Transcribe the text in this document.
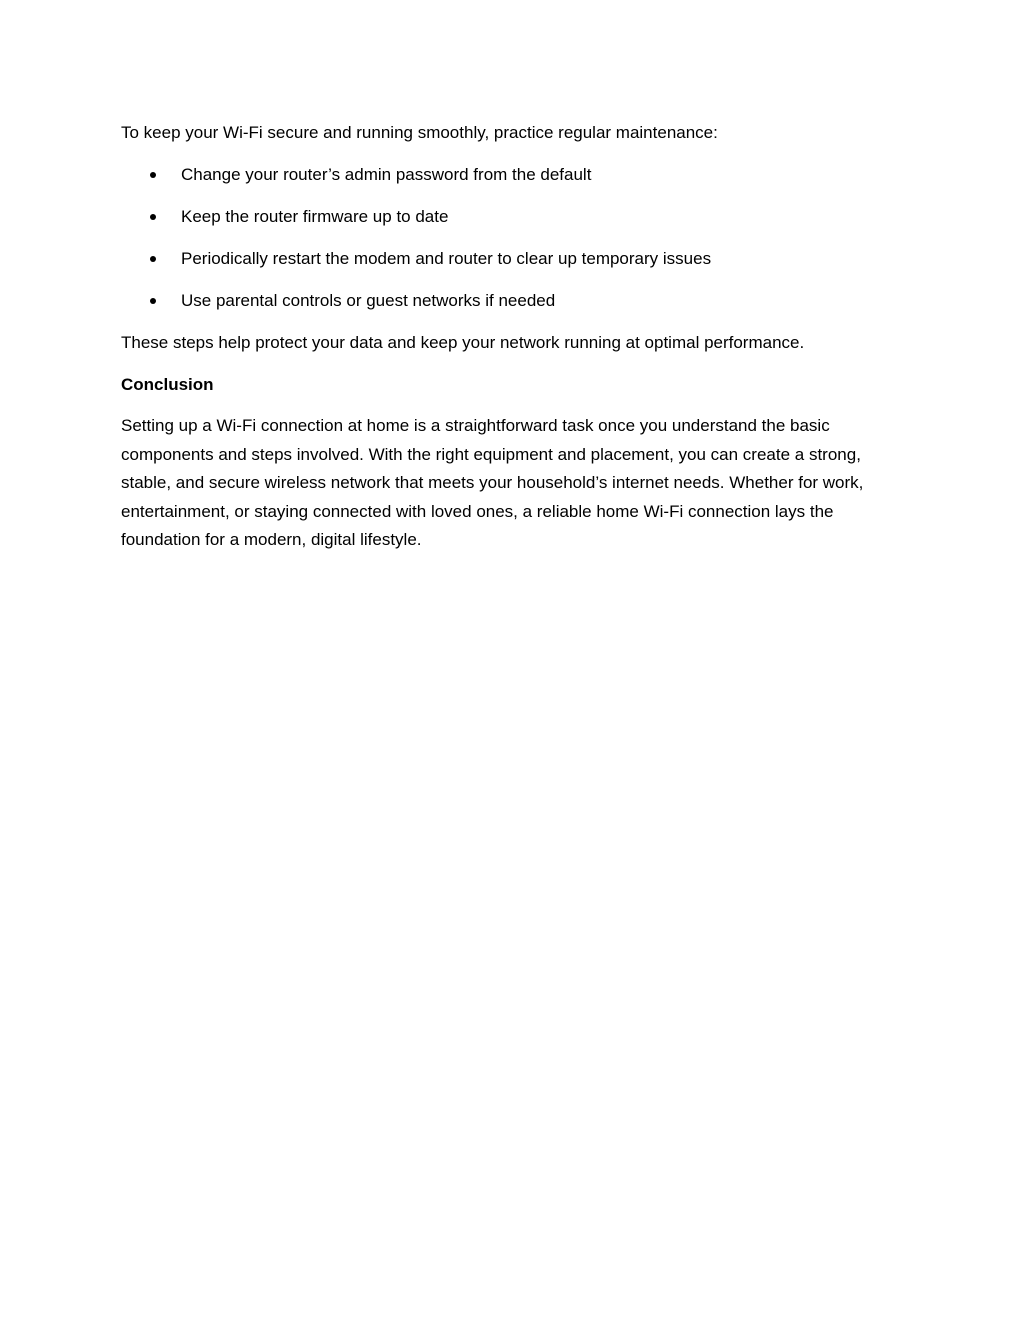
To keep your Wi-Fi secure and running smoothly, practice regular maintenance:

Change your router’s admin password from the default
Keep the router firmware up to date
Periodically restart the modem and router to clear up temporary issues
Use parental controls or guest networks if needed

These steps help protect your data and keep your network running at optimal performance.

Conclusion

Setting up a Wi-Fi connection at home is a straightforward task once you understand the basic components and steps involved. With the right equipment and placement, you can create a strong, stable, and secure wireless network that meets your household’s internet needs. Whether for work, entertainment, or staying connected with loved ones, a reliable home Wi-Fi connection lays the foundation for a modern, digital lifestyle.
